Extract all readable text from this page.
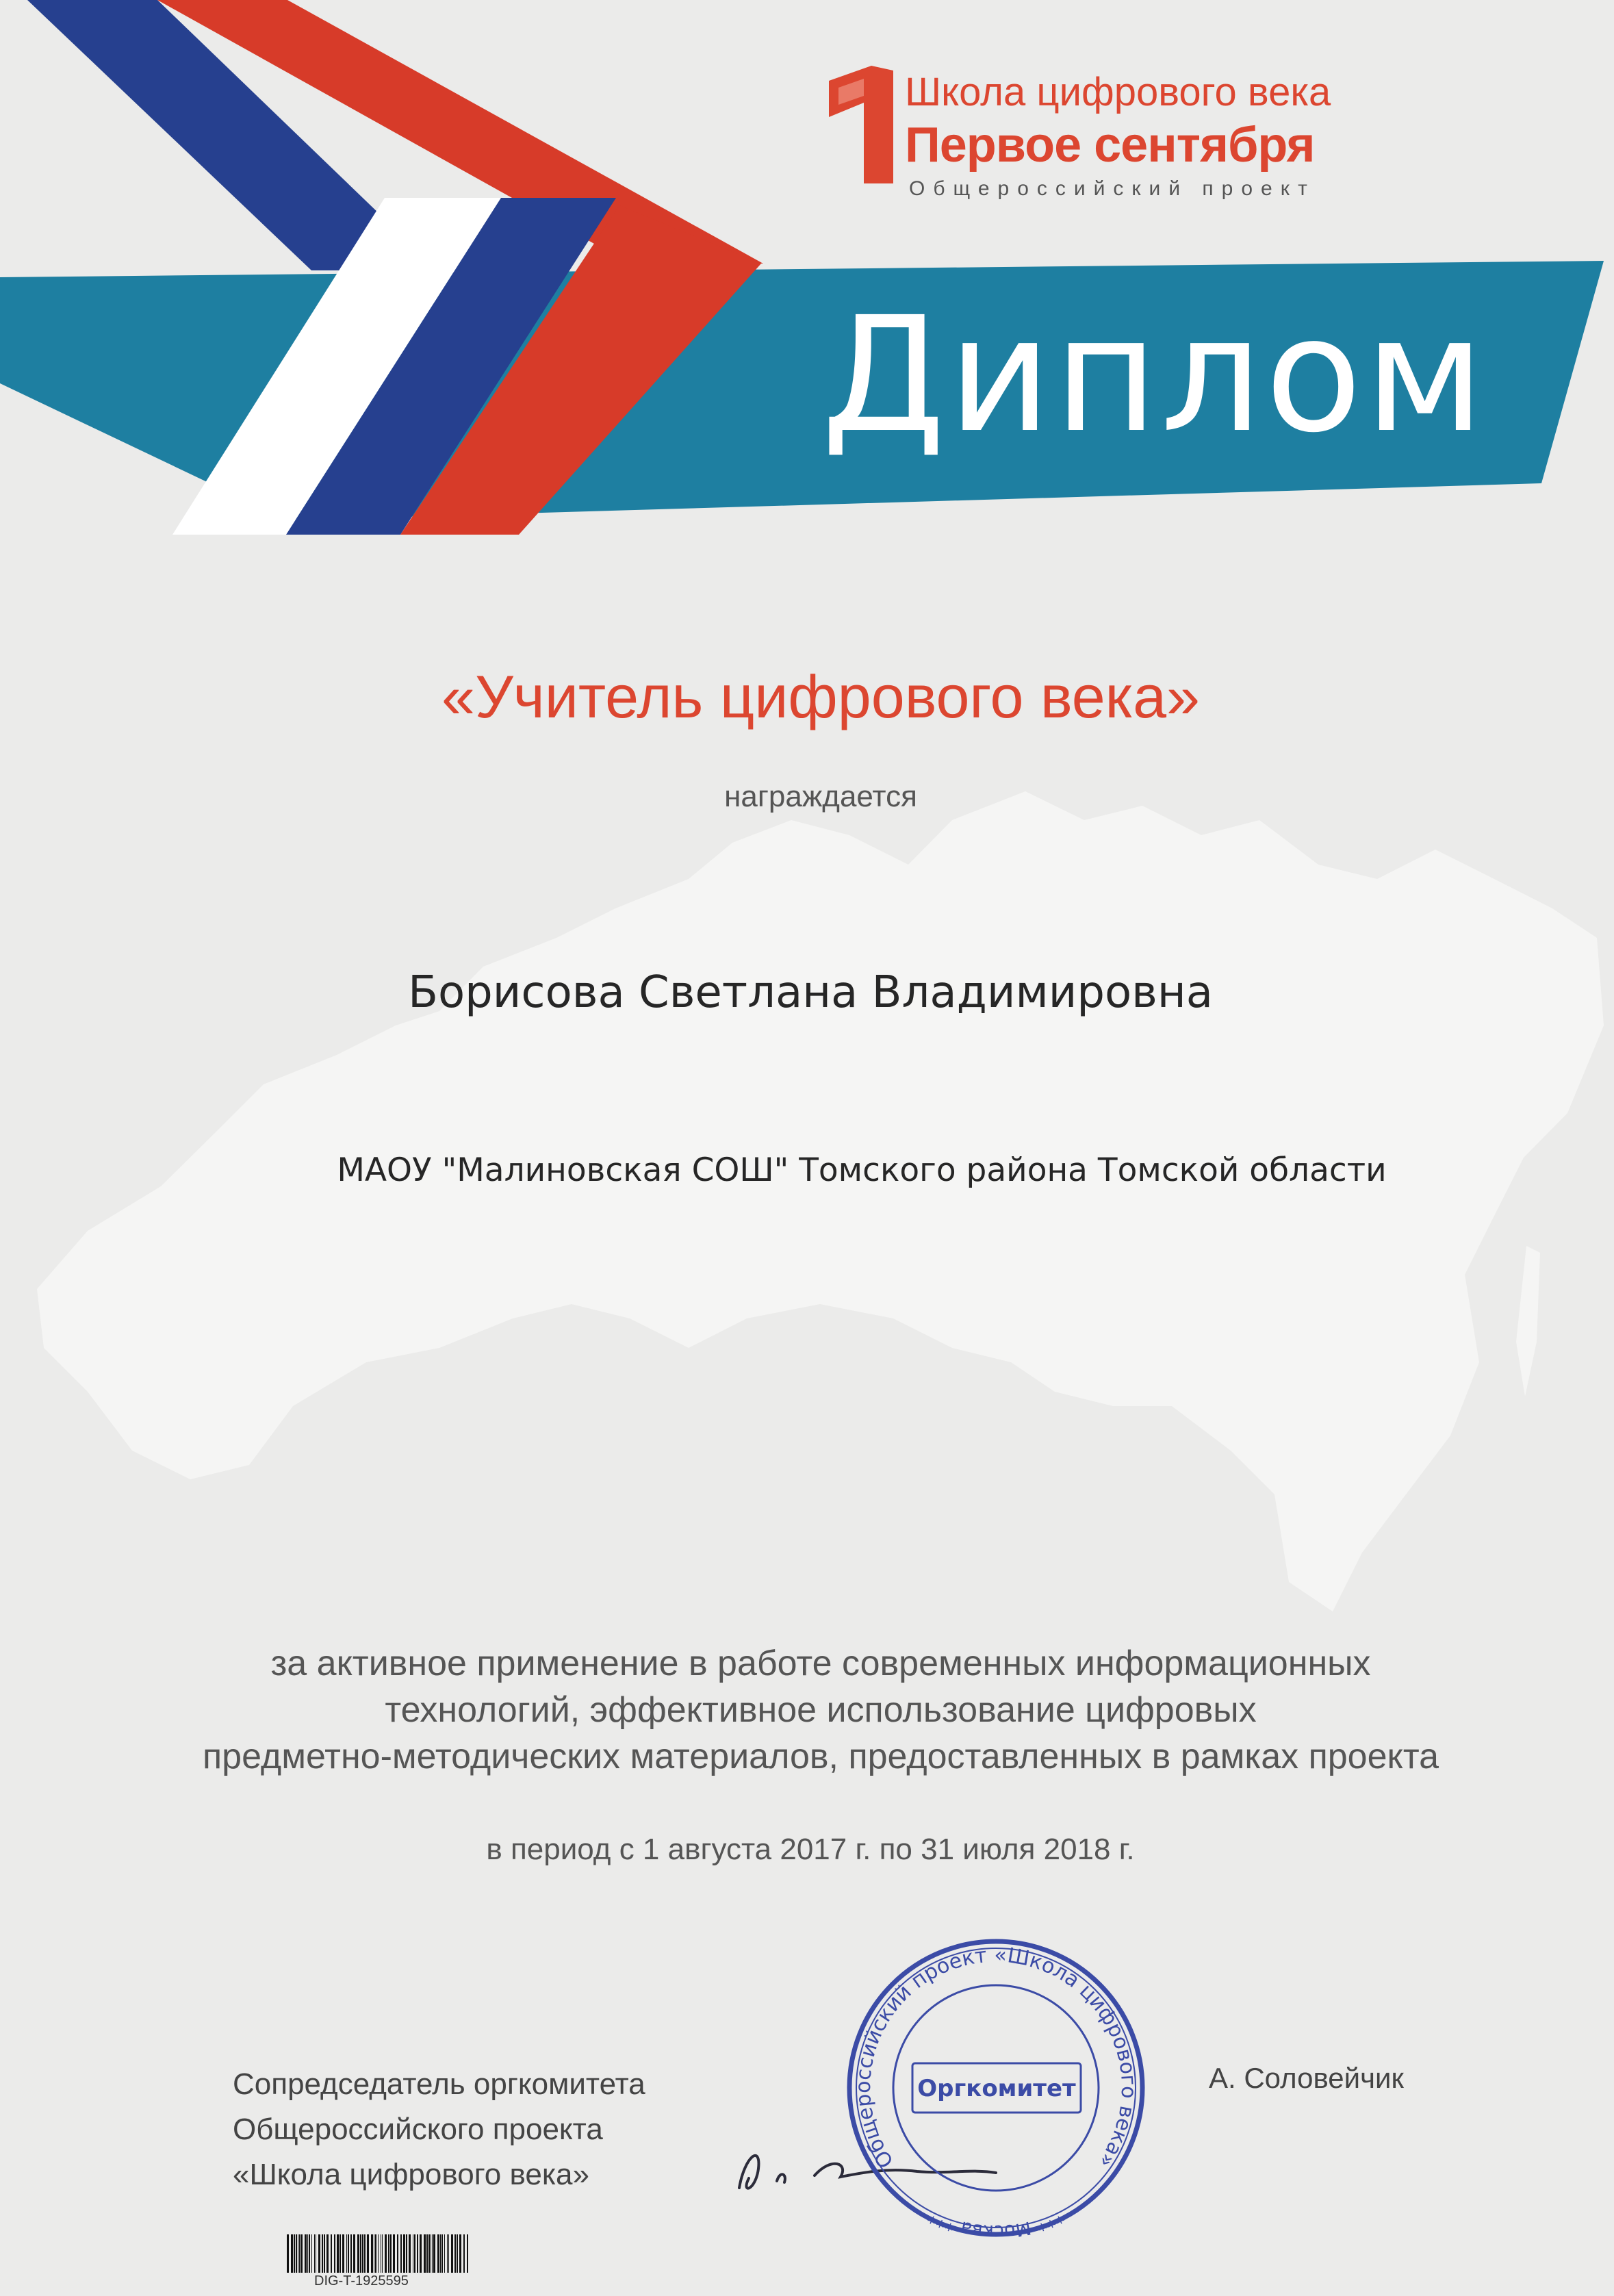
Общероссийский проект «Школа цифрового века»
*** Москва ***
Оргкомитет
Школа цифрового века
Первое сентября
Общероссийский проект
Диплом
«Учитель цифрового века»
награждается
Борисова Светлана Владимировна
МАОУ "Малиновская СОШ" Томского района Томской области
за активное применение в работе современных информационных
технологий, эффективное использование цифровых
предметно-методических материалов, предоставленных в рамках проекта
в период с 1 августа 2017 г. по 31 июля 2018 г.
Сопредседатель оргкомитета
Общероссийского проекта
«Школа цифрового века»
А. Соловейчик
DIG-T-1925595
